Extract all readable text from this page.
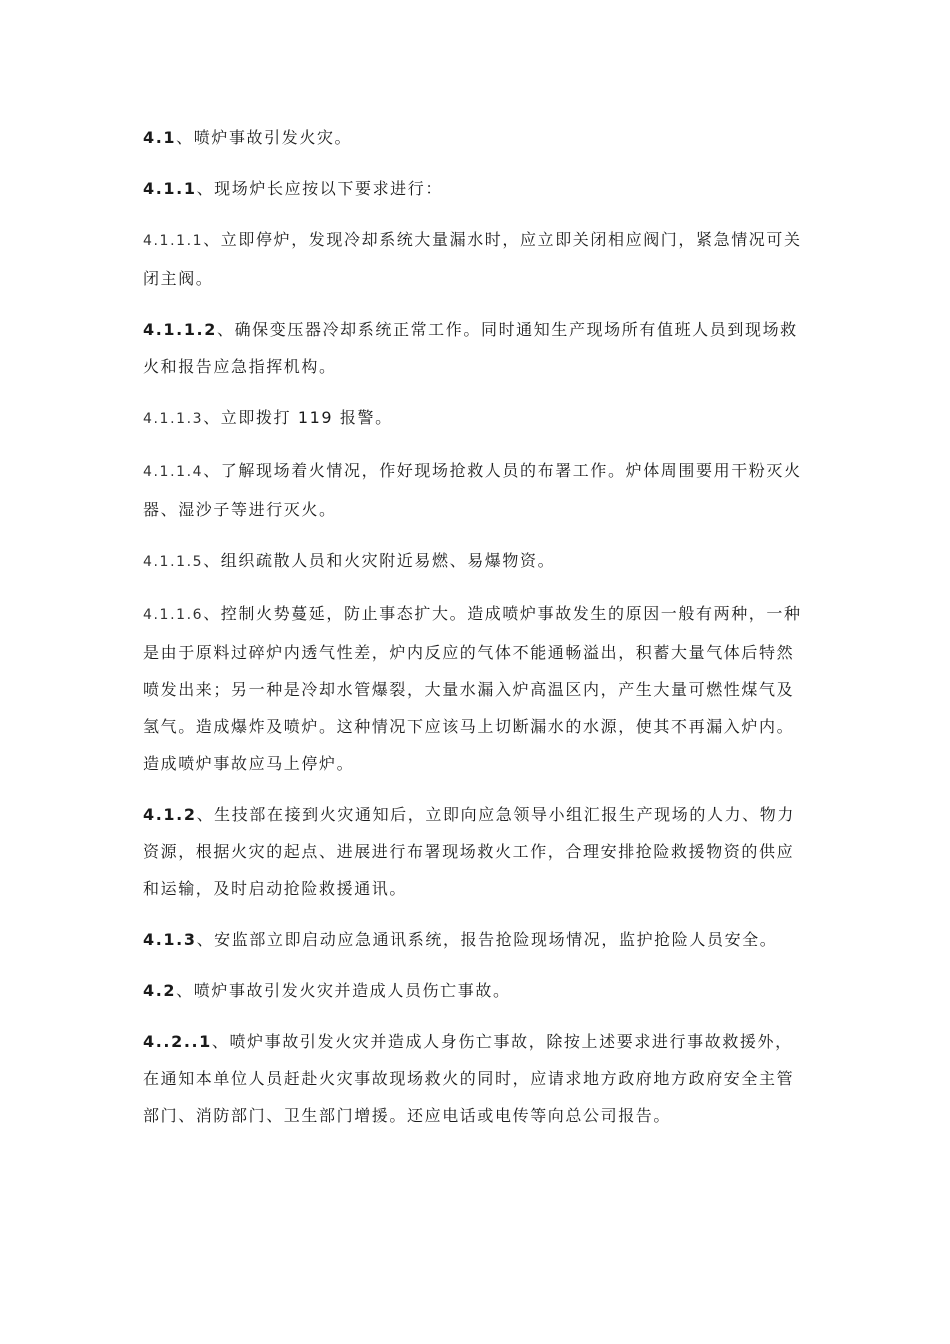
4.1、喷炉事故引发火灾。

4.1.1、现场炉长应按以下要求进行：

4.1.1.1、立即停炉，发现冷却系统大量漏水时，应立即关闭相应阀门，紧急情况可关闭主阀。

4.1.1.2、确保变压器冷却系统正常工作。同时通知生产现场所有值班人员到现场救火和报告应急指挥机构。

4.1.1.3、立即拨打 119 报警。

4.1.1.4、了解现场着火情况，作好现场抢救人员的布署工作。炉体周围要用干粉灭火器、湿沙子等进行灭火。

4.1.1.5、组织疏散人员和火灾附近易燃、易爆物资。

4.1.1.6、控制火势蔓延，防止事态扩大。造成喷炉事故发生的原因一般有两种，一种是由于原料过碎炉内透气性差，炉内反应的气体不能通畅溢出，积蓄大量气体后特然喷发出来；另一种是冷却水管爆裂，大量水漏入炉高温区内，产生大量可燃性煤气及氢气。造成爆炸及喷炉。这种情况下应该马上切断漏水的水源，使其不再漏入炉内。造成喷炉事故应马上停炉。

4.1.2、生技部在接到火灾通知后，立即向应急领导小组汇报生产现场的人力、物力资源，根据火灾的起点、进展进行布署现场救火工作，合理安排抢险救援物资的供应和运输，及时启动抢险救援通讯。

4.1.3、安监部立即启动应急通讯系统，报告抢险现场情况，监护抢险人员安全。

4.2、喷炉事故引发火灾并造成人员伤亡事故。

4..2..1、喷炉事故引发火灾并造成人身伤亡事故，除按上述要求进行事故救援外，在通知本单位人员赶赴火灾事故现场救火的同时，应请求地方政府地方政府安全主管部门、消防部门、卫生部门增援。还应电话或电传等向总公司报告。
